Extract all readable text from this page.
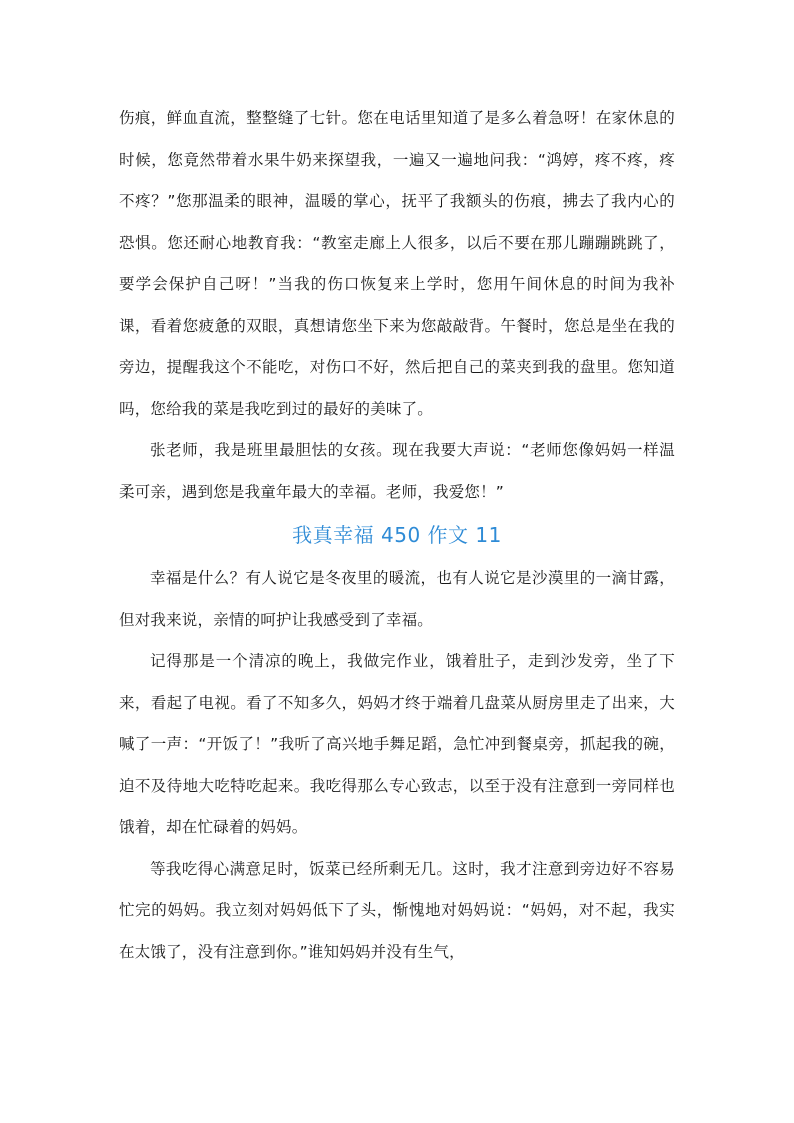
伤痕，鲜血直流，整整缝了七针。您在电话里知道了是多么着急呀！在家休息的时候，您竟然带着水果牛奶来探望我，一遍又一遍地问我：“鸿婷，疼不疼，疼不疼？”您那温柔的眼神，温暖的掌心，抚平了我额头的伤痕，拂去了我内心的恐惧。您还耐心地教育我：“教室走廊上人很多，以后不要在那儿蹦蹦跳跳了，要学会保护自己呀！”当我的伤口恢复来上学时，您用午间休息的时间为我补课，看着您疲惫的双眼，真想请您坐下来为您敲敲背。午餐时，您总是坐在我的旁边，提醒我这个不能吃，对伤口不好，然后把自己的菜夹到我的盘里。您知道吗，您给我的菜是我吃到过的最好的美味了。

张老师，我是班里最胆怯的女孩。现在我要大声说：“老师您像妈妈一样温柔可亲，遇到您是我童年最大的幸福。老师，我爱您！”

我真幸福 450 作文 11

幸福是什么？有人说它是冬夜里的暖流，也有人说它是沙漠里的一滴甘露，但对我来说，亲情的呵护让我感受到了幸福。

记得那是一个清凉的晚上，我做完作业，饿着肚子，走到沙发旁，坐了下来，看起了电视。看了不知多久，妈妈才终于端着几盘菜从厨房里走了出来，大喊了一声：“开饭了！”我听了高兴地手舞足蹈，急忙冲到餐桌旁，抓起我的碗，迫不及待地大吃特吃起来。我吃得那么专心致志，以至于没有注意到一旁同样也饿着，却在忙碌着的妈妈。

等我吃得心满意足时，饭菜已经所剩无几。这时，我才注意到旁边好不容易忙完的妈妈。我立刻对妈妈低下了头，惭愧地对妈妈说：“妈妈，对不起，我实在太饿了，没有注意到你。”谁知妈妈并没有生气，
